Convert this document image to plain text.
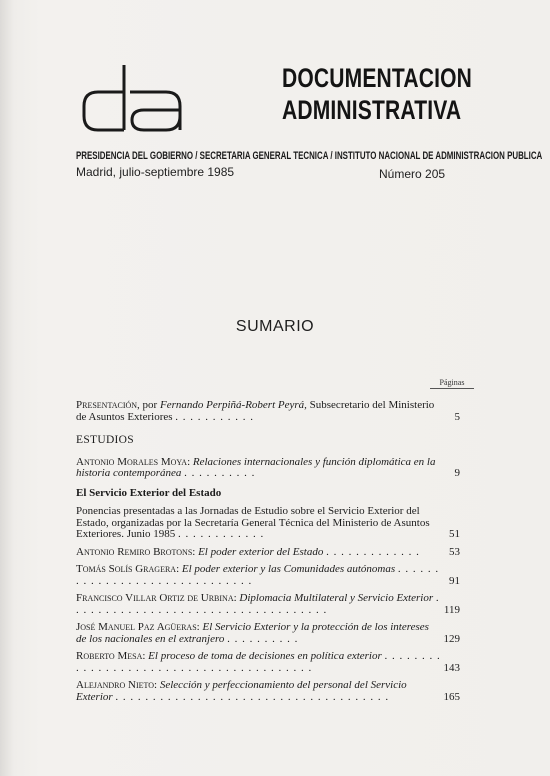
DOCUMENTACION
ADMINISTRATIVA
PRESIDENCIA DEL GOBIERNO / SECRETARIA GENERAL TECNICA / INSTITUTO NACIONAL DE ADMINISTRACION PUBLICA
Madrid, julio-septiembre 1985	Número 205
SUMARIO
Páginas
Presentación, por Fernando Perpiñá-Robert Peyrá, Subsecretario del Ministerio de Asuntos Exteriores . . . . . . . . . . .	5
ESTUDIOS
Antonio Morales Moya: Relaciones internacionales y función diplomática en la historia contemporánea . . . . . . . . . .	9
El Servicio Exterior del Estado
Ponencias presentadas a las Jornadas de Estudio sobre el Servicio Exterior del Estado, organizadas por la Secretaría General Técnica del Ministerio de Asuntos Exteriores. Junio 1985 . . . . . . . . . . . .	51
Antonio Remiro Brotons: El poder exterior del Estado . . . . . . . . . . . . .	53
Tomás Solís Gragera: El poder exterior y las Comunidades autónomas . . . . . . . . . . . . . . . . . . . . . . . . . . . . . .	91
Francisco Villar Ortiz de Urbina: Diplomacia Multilateral y Servicio Exterior . . . . . . . . . . . . . . . . . . . . . . . . . . . . . . . . . . .	119
José Manuel Paz Agüeras: El Servicio Exterior y la protección de los intereses de los nacionales en el extranjero . . . . . . . . . .	129
Roberto Mesa: El proceso de toma de decisiones en política exterior . . . . . . . . . . . . . . . . . . . . . . . . . . . . . . . . . . . . . . . .	143
Alejandro Nieto: Selección y perfeccionamiento del personal del Servicio Exterior . . . . . . . . . . . . . . . . . . . . . . . . . . . . . . . . . . . . .	165
